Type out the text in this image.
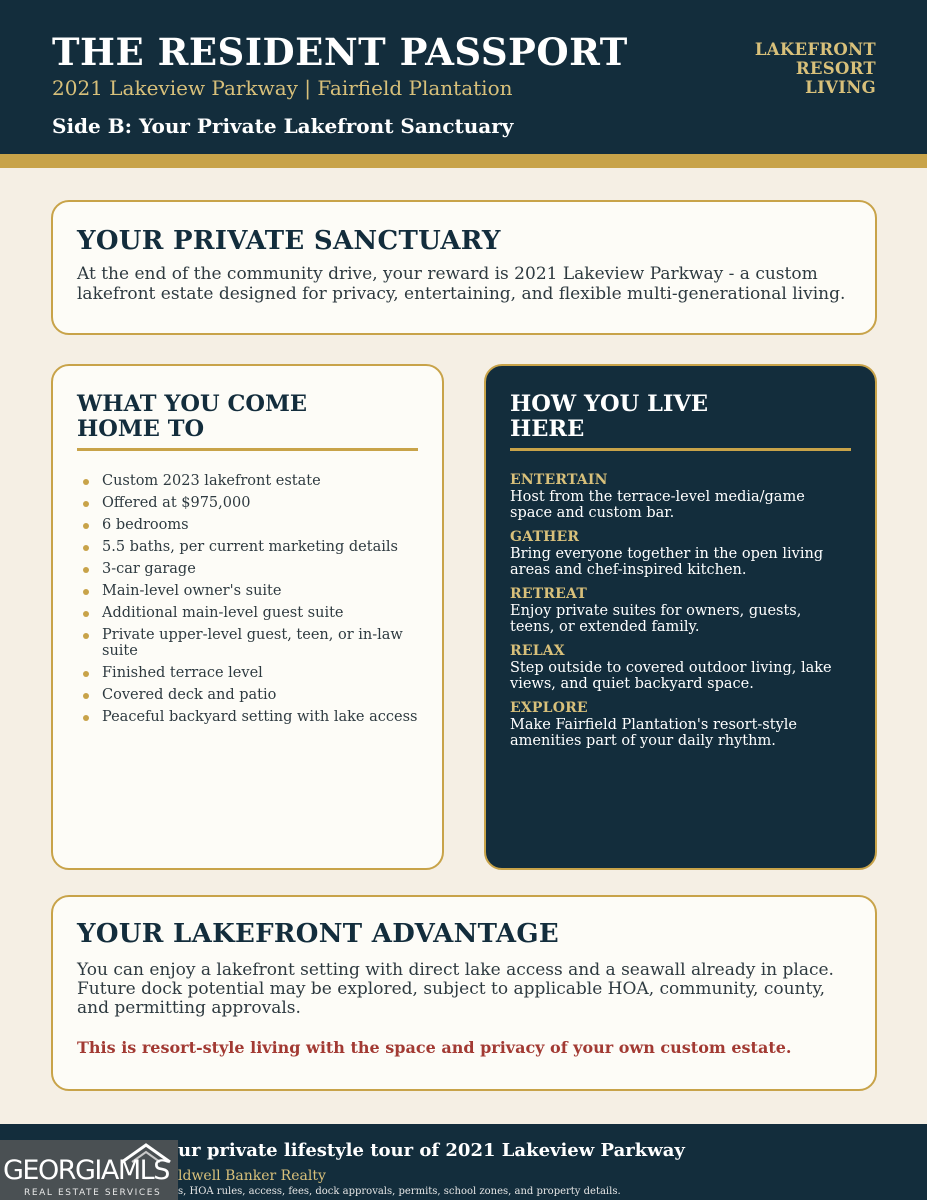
THE RESIDENT PASSPORT
2021 Lakeview Parkway | Fairfield Plantation
Side B: Your Private Lakefront Sanctuary
LAKEFRONT
RESORT
LIVING
YOUR PRIVATE SANCTUARY

At the end of the community drive, your reward is 2021 Lakeview Parkway - a custom lakefront estate designed for privacy, entertaining, and flexible multi-generational living.

WHAT YOU COME HOME TO
Custom 2023 lakefront estate
Offered at $975,000
6 bedrooms
5.5 baths, per current marketing details
3-car garage
Main-level owner's suite
Additional main-level guest suite
Private upper-level guest, teen, or in-law suite
Finished terrace level
Covered deck and patio
Peaceful backyard setting with lake access
HOW YOU LIVE HERE
ENTERTAIN
Host from the terrace-level media/game space and custom bar.
GATHER
Bring everyone together in the open living areas and chef-inspired kitchen.
RETREAT
Enjoy private suites for owners, guests, teens, or extended family.
RELAX
Step outside to covered outdoor living, lake views, and quiet backyard space.
EXPLORE
Make Fairfield Plantation's resort-style amenities part of your daily rhythm.
YOUR LAKEFRONT ADVANTAGE

You can enjoy a lakefront setting with direct lake access and a seawall already in place. Future dock potential may be explored, subject to applicable HOA, community, county, and permitting approvals.

This is resort-style living with the space and privacy of your own custom estate.

ur private lifestyle tour of 2021 Lakeview Parkway
ldwell Banker Realty
s, HOA rules, access, fees, dock approvals, permits, school zones, and property details.
GEORGIAMLS
REAL ESTATE SERVICES
